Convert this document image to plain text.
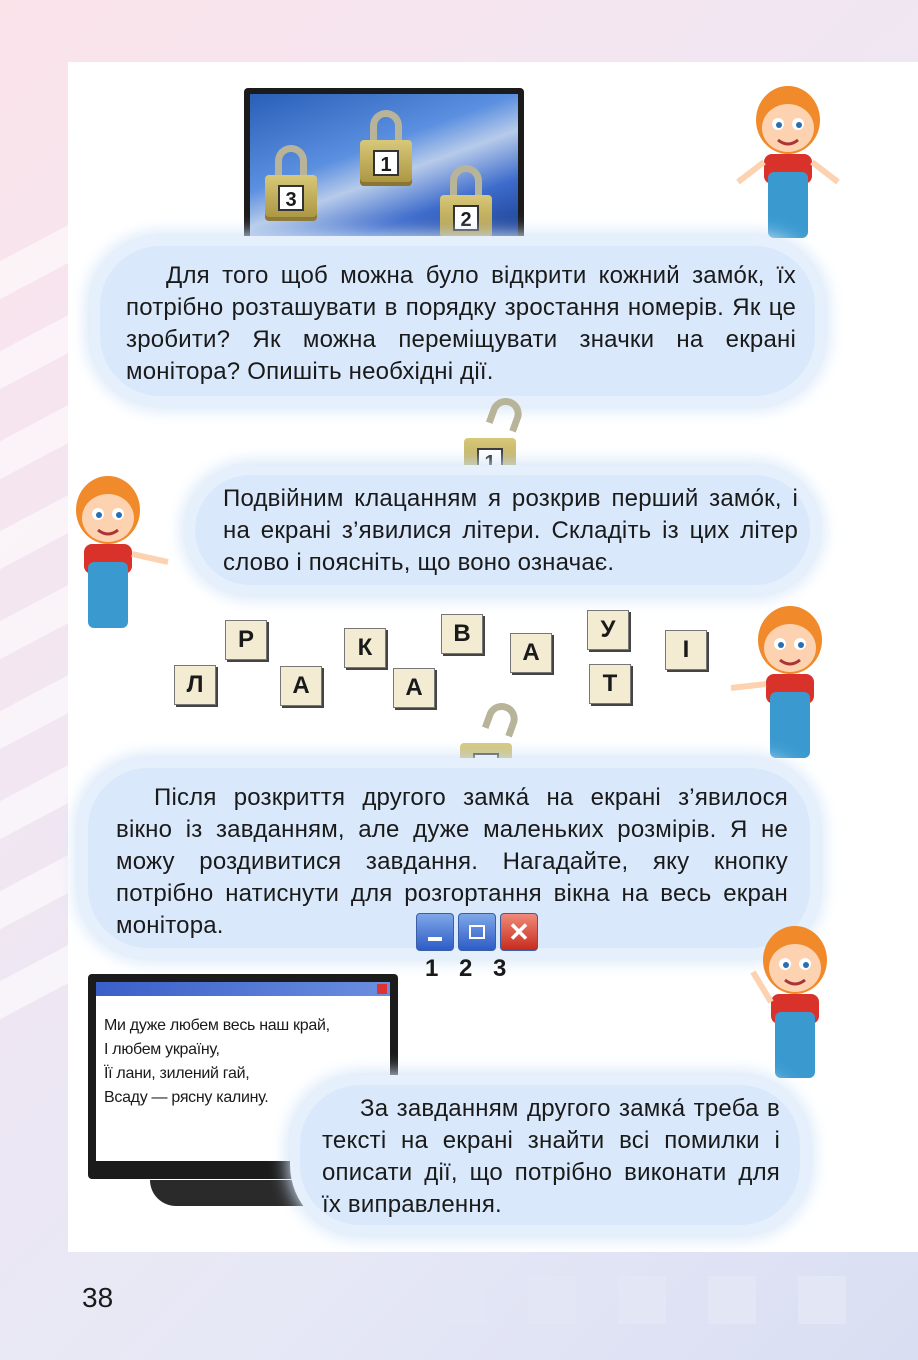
3
1
2

Для того щоб можна було відкрити кожний замо́к, їх потрібно розташувати в порядку зростання номерів. Як це зробити? Як можна переміщувати значки на екрані монітора? Опишіть необхідні дії.

1

Подвійним клацанням я розкрив перший замо́к, і на екрані з’явилися літери. Складіть із цих літер слово і поясніть, що воно означає.

Р	К
В
А
У
І
Л	А	А	Т

Після розкриття другого замка́ на екрані з’явилося вікно із завданням, але дуже маленьких розмірів. Я не можу роздивитися завдання. Нагадайте, яку кнопку потрібно натиснути для розгортання вікна на весь екран монітора.	✕
1 2 3
Ми дуже любем весь наш край,
І любем украïну,
Ïï лани, зилений гай,
Всаду — рясну калину.	За завданням другого замка́ треба в тексті на екрані знайти всі помилки і описати дії, що потрібно виконати для їх виправлення.

38
